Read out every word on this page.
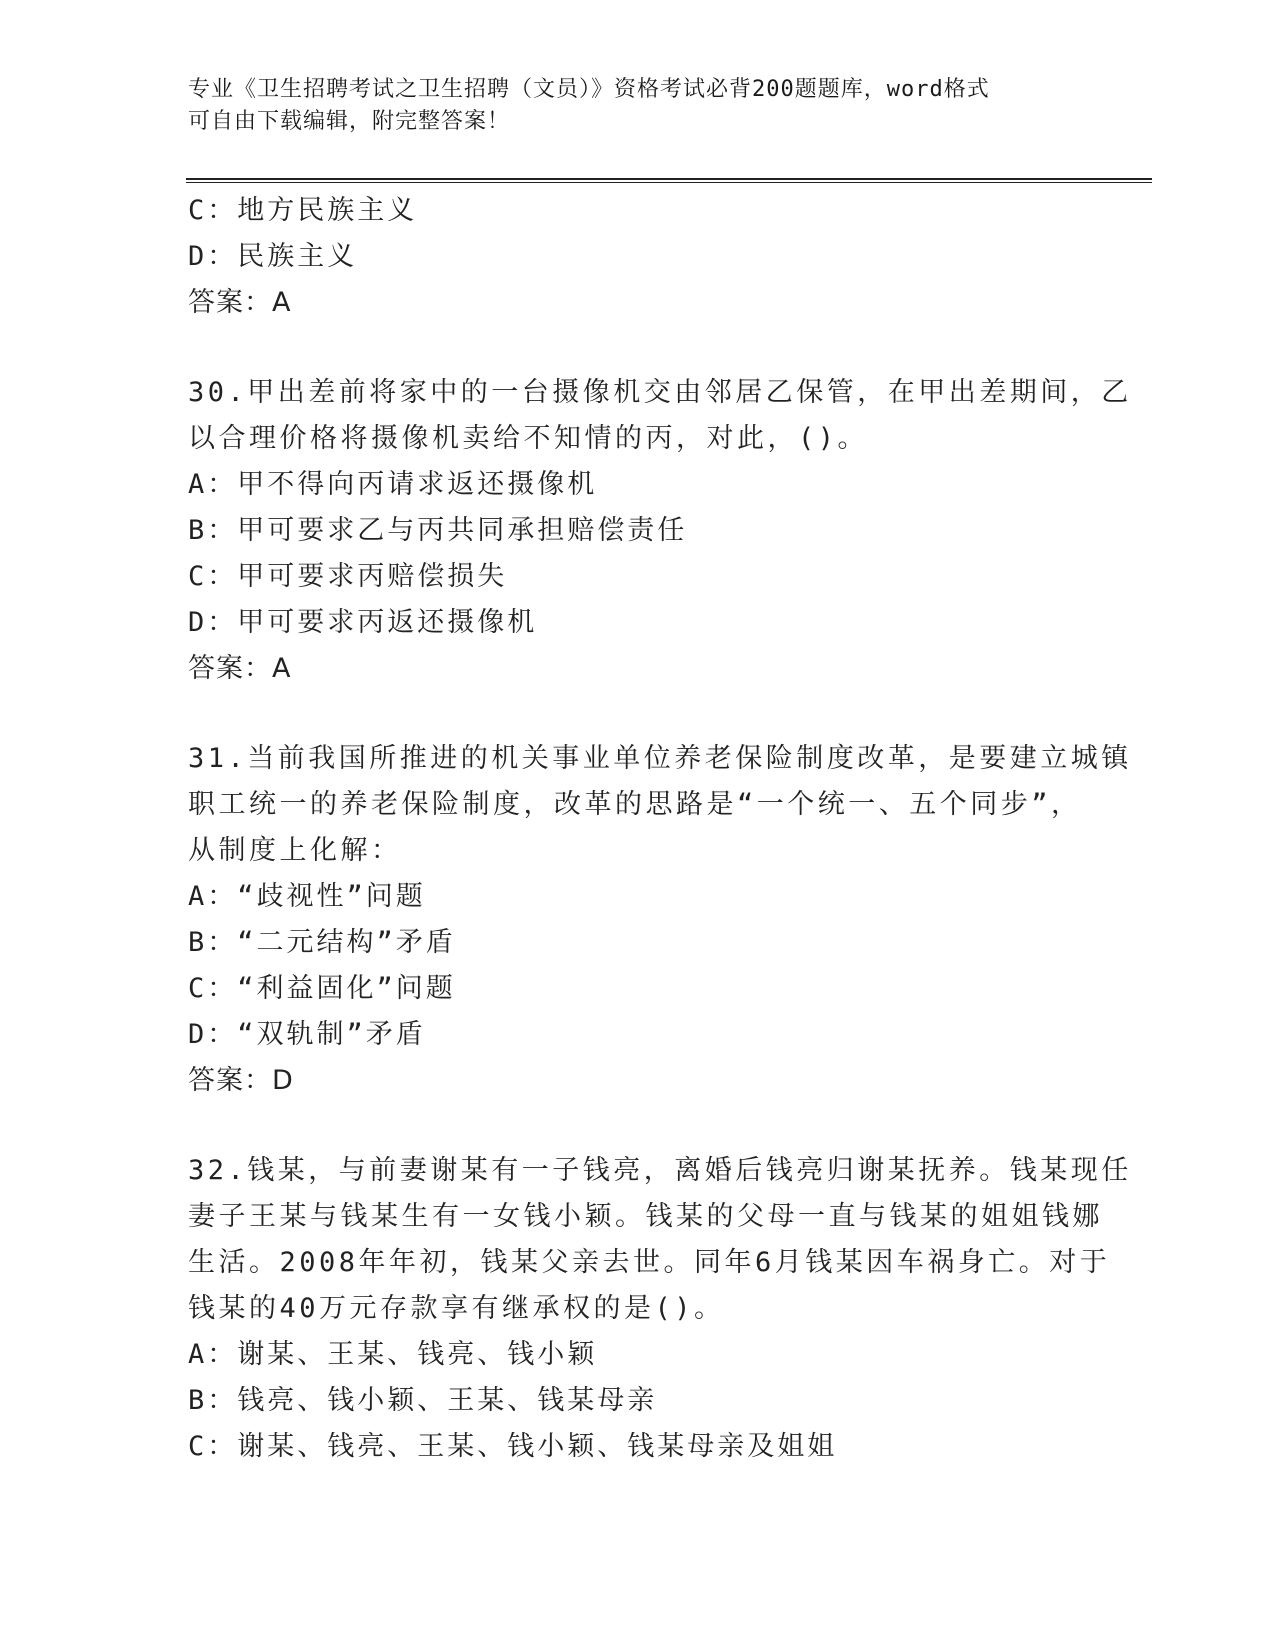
专业《卫生招聘考试之卫生招聘（文员）》资格考试必背200题题库，word格式
可自由下载编辑，附完整答案！
C：地方民族主义
D：民族主义
答案：A
30.甲出差前将家中的一台摄像机交由邻居乙保管，在甲出差期间，乙
以合理价格将摄像机卖给不知情的丙，对此，()。
A：甲不得向丙请求返还摄像机
B：甲可要求乙与丙共同承担赔偿责任
C：甲可要求丙赔偿损失
D：甲可要求丙返还摄像机
答案：A
31.当前我国所推进的机关事业单位养老保险制度改革，是要建立城镇
职工统一的养老保险制度，改革的思路是“一个统一、五个同步”，
从制度上化解：
A：“歧视性”问题
B：“二元结构”矛盾
C：“利益固化”问题
D：“双轨制”矛盾
答案：D
32.钱某，与前妻谢某有一子钱亮，离婚后钱亮归谢某抚养。钱某现任
妻子王某与钱某生有一女钱小颖。钱某的父母一直与钱某的姐姐钱娜
生活。2008年年初，钱某父亲去世。同年6月钱某因车祸身亡。对于
钱某的40万元存款享有继承权的是()。
A：谢某、王某、钱亮、钱小颖
B：钱亮、钱小颖、王某、钱某母亲
C：谢某、钱亮、王某、钱小颖、钱某母亲及姐姐
